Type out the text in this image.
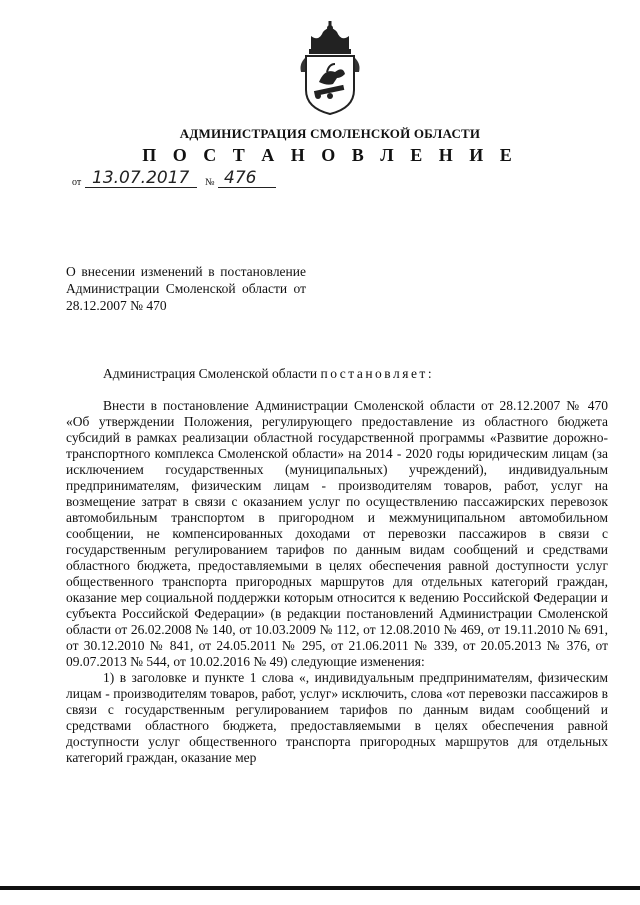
АДМИНИСТРАЦИЯ СМОЛЕНСКОЙ ОБЛАСТИ
П О С Т А Н О В Л Е Н И Е
от 13.07.2017 № 476
О внесении изменений в постановление Администрации Смоленской области от 28.12.2007 № 470
Администрация Смоленской области постановляет:

Внести в постановление Администрации Смоленской области от 28.12.2007 № 470 «Об утверждении Положения, регулирующего предоставление из областного бюджета субсидий в рамках реализации областной государственной программы «Развитие дорожно-транспортного комплекса Смоленской области» на 2014 - 2020 годы юридическим лицам (за исключением государственных (муниципальных) учреждений), индивидуальным предпринимателям, физическим лицам - производителям товаров, работ, услуг на возмещение затрат в связи с оказанием услуг по осуществлению пассажирских перевозок автомобильным транспортом в пригородном и межмуниципальном автомобильном сообщении, не компенсированных доходами от перевозки пассажиров в связи с государственным регулированием тарифов по данным видам сообщений и средствами областного бюджета, предоставляемыми в целях обеспечения равной доступности услуг общественного транспорта пригородных маршрутов для отдельных категорий граждан, оказание мер социальной поддержки которым относится к ведению Российской Федерации и субъекта Российской Федерации» (в редакции постановлений Администрации Смоленской области от 26.02.2008 № 140, от 10.03.2009 № 112, от 12.08.2010 № 469, от 19.11.2010 № 691, от 30.12.2010 № 841, от 24.05.2011 № 295, от 21.06.2011 № 339, от 20.05.2013 № 376, от 09.07.2013 № 544, от 10.02.2016 № 49) следующие изменения:

1) в заголовке и пункте 1 слова «, индивидуальным предпринимателям, физическим лицам - производителям товаров, работ, услуг» исключить, слова «от перевозки пассажиров в связи с государственным регулированием тарифов по данным видам сообщений и средствами областного бюджета, предоставляемыми в целях обеспечения равной доступности услуг общественного транспорта пригородных маршрутов для отдельных категорий граждан, оказание мер
